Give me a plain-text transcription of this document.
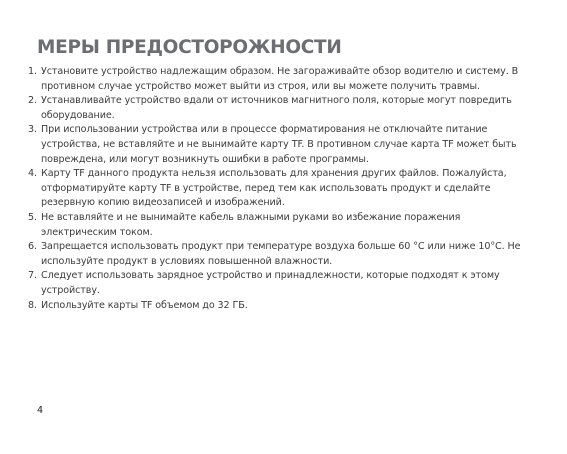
МЕРЫ ПРЕДОСТОРОЖНОСТИ
1. Установите устройство надлежащим образом. Не загораживайте обзор водителю и систему. В противном случае устройство может выйти из строя, или вы можете получить травмы.
2. Устанавливайте устройство вдали от источников магнитного поля, которые могут повредить оборудование.
3. При использовании устройства или в процессе форматирования не отключайте питание устройства, не вставляйте и не вынимайте карту TF. В противном случае карта TF может быть повреждена, или могут возникнуть ошибки в работе программы.
4. Карту TF данного продукта нельзя использовать для хранения других файлов. Пожалуйста, отформатируйте карту TF в устройстве, перед тем как использовать продукт и сделайте резервную копию видеозаписей и изображений.
5. Не вставляйте и не вынимайте кабель влажными руками во избежание поражения электрическим током.
6. Запрещается использовать продукт при температуре воздуха больше 60 °C или ниже 10°C. Не используйте продукт в условиях повышенной влажности.
7. Следует использовать зарядное устройство и принадлежности, которые подходят к этому устройству.
8. Используйте карты TF объемом до 32 ГБ.
4
